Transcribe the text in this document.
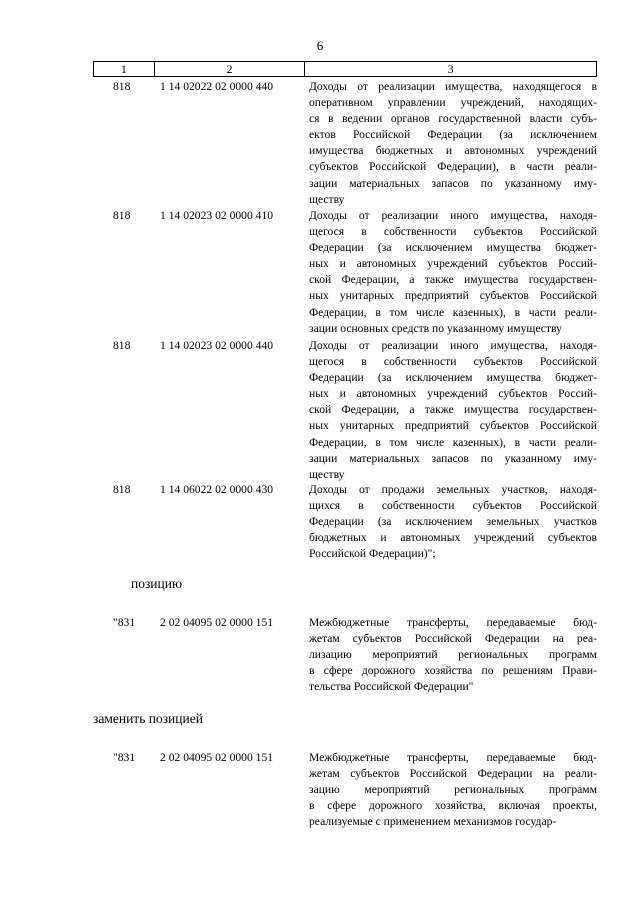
6
1	2	3
818	1 14 02022 02 0000 440	Доходы от реализации имущества, находящегося в
оперативном управлении учреждений, находящих-
ся в ведении органов государственной власти субъ-
ектов Российской Федерации (за исключением
имущества бюджетных и автономных учреждений
субъектов Российской Федерации), в части реали-
зации материальных запасов по указанному иму-
ществу
818	1 14 02023 02 0000 410	Доходы от реализации иного имущества, находя-
щегося в собственности субъектов Российской
Федерации (за исключением имущества бюджет-
ных и автономных учреждений субъектов Россий-
ской Федерации, а также имущества государствен-
ных унитарных предприятий субъектов Российской
Федерации, в том числе казенных), в части реали-
зации основных средств по указанному имуществу
818	1 14 02023 02 0000 440	Доходы от реализации иного имущества, находя-
щегося в собственности субъектов Российской
Федерации (за исключением имущества бюджет-
ных и автономных учреждений субъектов Россий-
ской Федерации, а также имущества государствен-
ных унитарных предприятий субъектов Российской
Федерации, в том числе казенных), в части реали-
зации материальных запасов по указанному иму-
ществу
818	1 14 06022 02 0000 430	Доходы от продажи земельных участков, находя-
щихся в собственности субъектов Российской
Федерации (за исключением земельных участков
бюджетных и автономных учреждений субъектов
Российской Федерации)";
позицию
"831	2 02 04095 02 0000 151	Межбюджетные трансферты, передаваемые бюд-
жетам субъектов Российской Федерации на реа-
лизацию мероприятий региональных программ
в сфере дорожного хозяйства по решениям Прави-
тельства Российской Федерации"
заменить позицией
"831	2 02 04095 02 0000 151	Межбюджетные трансферты, передаваемые бюд-
жетам субъектов Российской Федерации на реали-
зацию мероприятий региональных программ
в сфере дорожного хозяйства, включая проекты,
реализуемые с применением механизмов государ-
